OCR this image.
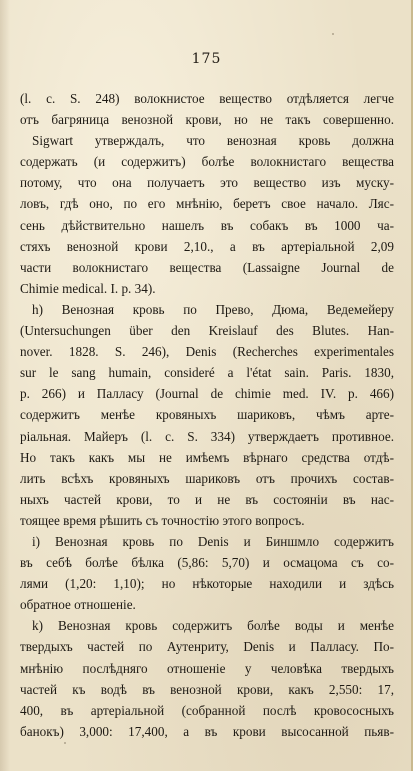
175
(l. c. S. 248) волокнистое вещество отдѣляется легче
отъ багряница венозной крови, но не такъ совершенно.
Sigwart утверждалъ, что венозная кровь должна
содержать (и содержитъ) болѣе волокнистаго вещества
потому, что она получаетъ это вещество изъ муску-
ловъ, гдѣ оно, по его мнѣнію, беретъ свое начало. Ляс-
сень дѣйствительно нашелъ въ собакъ въ 1000 ча-
стяхъ венозной крови 2,10., а въ артеріальной 2,09
части волокнистаго вещества (Lassaigne Journal de
Chimie medical. I. p. 34).
h) Венозная кровь по Прево, Дюма, Ведемейеру
(Untersuchungen über den Kreislauf des Blutes. Han-
nover. 1828. S. 246), Denis (Recherches experimentales
sur le sang humain, consideré a l'état sain. Paris. 1830,
p. 266) и Палласу (Journal de chimie med. IV. p. 466)
содержитъ менѣе кровяныхъ шариковъ, чѣмъ арте-
ріальная. Майеръ (l. c. S. 334) утверждаетъ противное.
Но такъ какъ мы не имѣемъ вѣрнаго средства отдѣ-
лить всѣхъ кровяныхъ шариковъ отъ прочихъ состав-
ныхъ частей крови, то и не въ состояніи въ нас-
тоящее время рѣшить съ точностію этого вопросъ.
i) Венозная кровь по Denis и Биншмло содержитъ
въ себѣ болѣе бѣлка (5,86: 5,70) и осмацома съ со-
лями (1,20: 1,10); но нѣкоторые находили и здѣсь
обратное отношеніе.
k) Венозная кровь содержитъ болѣе воды и менѣе
твердыхъ частей по Аутенриту, Denis и Палласу. По-
мнѣнію послѣдняго отношеніе у человѣка твердыхъ
частей къ водѣ въ венозной крови, какъ 2,550: 17,
400, въ артеріальной (собранной послѣ кровососныхъ
банокъ) 3,000: 17,400, а въ крови высосанной пьяв-
